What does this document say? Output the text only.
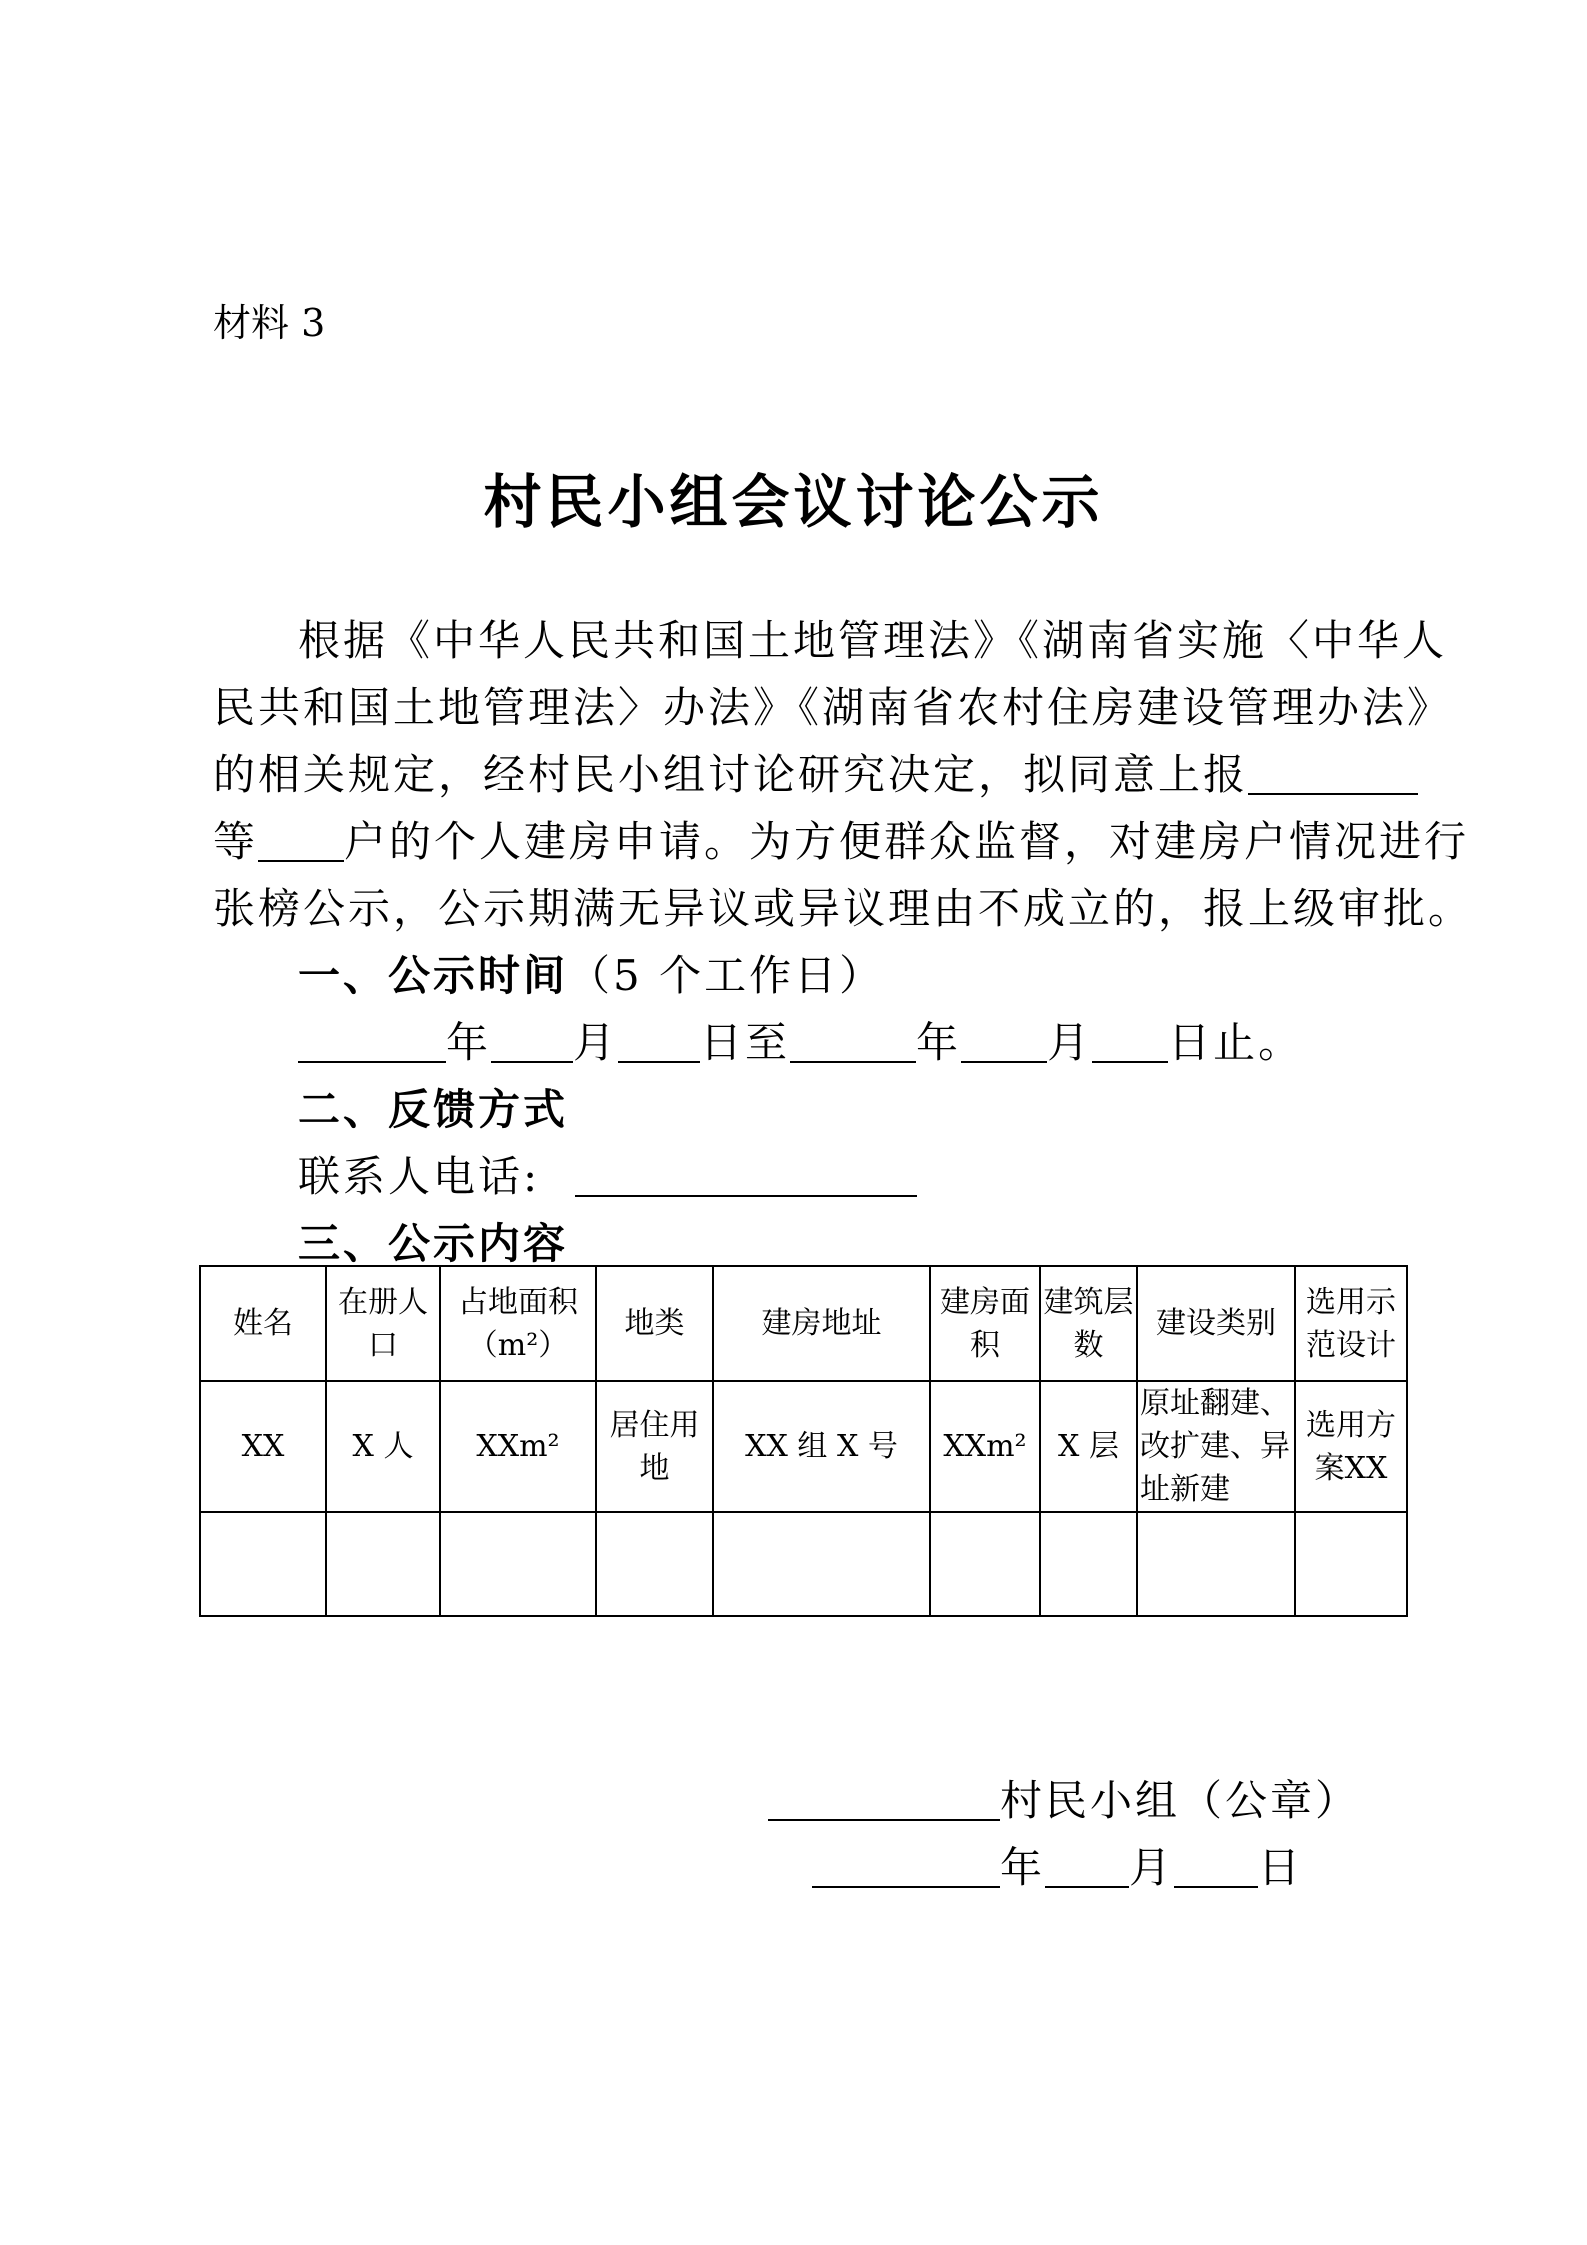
材料 3
村民小组会议讨论公示
根据《中华人民共和国土地管理法》《湖南省实施〈中华人
民共和国土地管理法〉办法》《湖南省农村住房建设管理办法》
的相关规定，经村民小组讨论研究决定，拟同意上报
等 户的个人建房申请。为方便群众监督，对建房户情况进行
张榜公示，公示期满无异议或异议理由不成立的，报上级审批。
一、公示时间（5 个工作日）
年 月 日至	年 月 日止。
二、反馈方式
联系人电话:
三、公示内容
姓名	在册人口	占地面积（m²）	地类	建房地址	建房面积	建筑层数	建设类别	选用示范设计
XX	X 人	XXm²	居住用地	XX 组 X 号	XXm²	X 层	原址翻建、改扩建、异址新建	选用方案XX

村民小组（公章）
年 月 日
